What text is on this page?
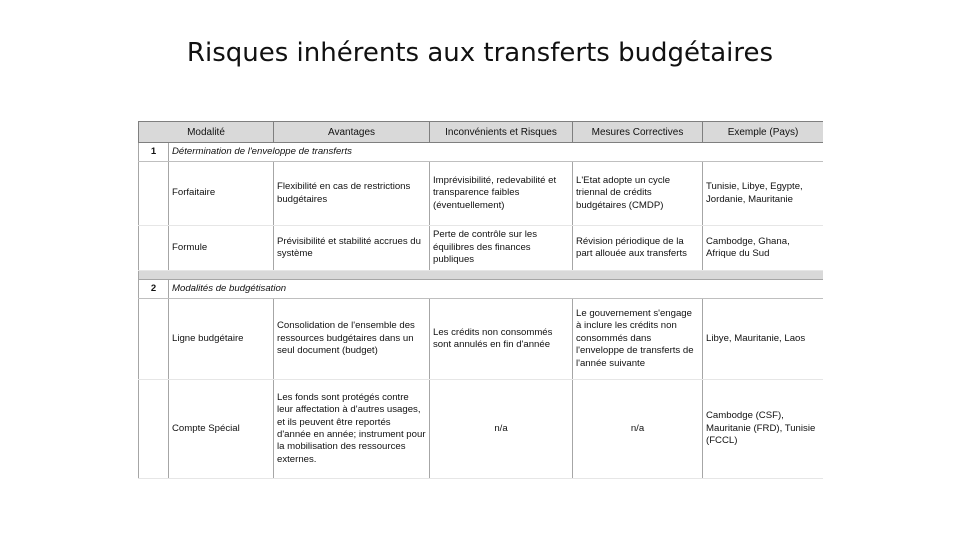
Risques inhérents aux transferts budgétaires
Modalité		Avantages	Inconvénients et Risques	Mesures Correctives	Exemple (Pays)
1	Détermination de l'enveloppe de transferts				
	Forfaitaire	Flexibilité en cas de restrictions budgétaires	Imprévisibilité, redevabilité et transparence faibles (éventuellement)	L'Etat adopte un cycle triennal de crédits budgétaires (CMDP)	Tunisie, Libye, Egypte, Jordanie, Mauritanie
	Formule	Prévisibilité et stabilité accrues du système	Perte de contrôle sur les équilibres des finances publiques	Révision périodique de la part allouée aux transferts	Cambodge, Ghana, Afrique du Sud

2	Modalités de budgétisation				
	Ligne budgétaire	Consolidation de l'ensemble des ressources budgétaires dans un seul document (budget)	Les crédits non consommés sont annulés en fin d'année	Le gouvernement s'engage à inclure les crédits non consommés dans l'enveloppe de transferts de l'année suivante	Libye, Mauritanie, Laos
	Compte Spécial	Les fonds sont protégés contre leur affectation à d'autres usages, et ils peuvent être reportés d'année en année; instrument pour la mobilisation des ressources externes.	n/a	n/a	Cambodge (CSF), Mauritanie (FRD), Tunisie (FCCL)
